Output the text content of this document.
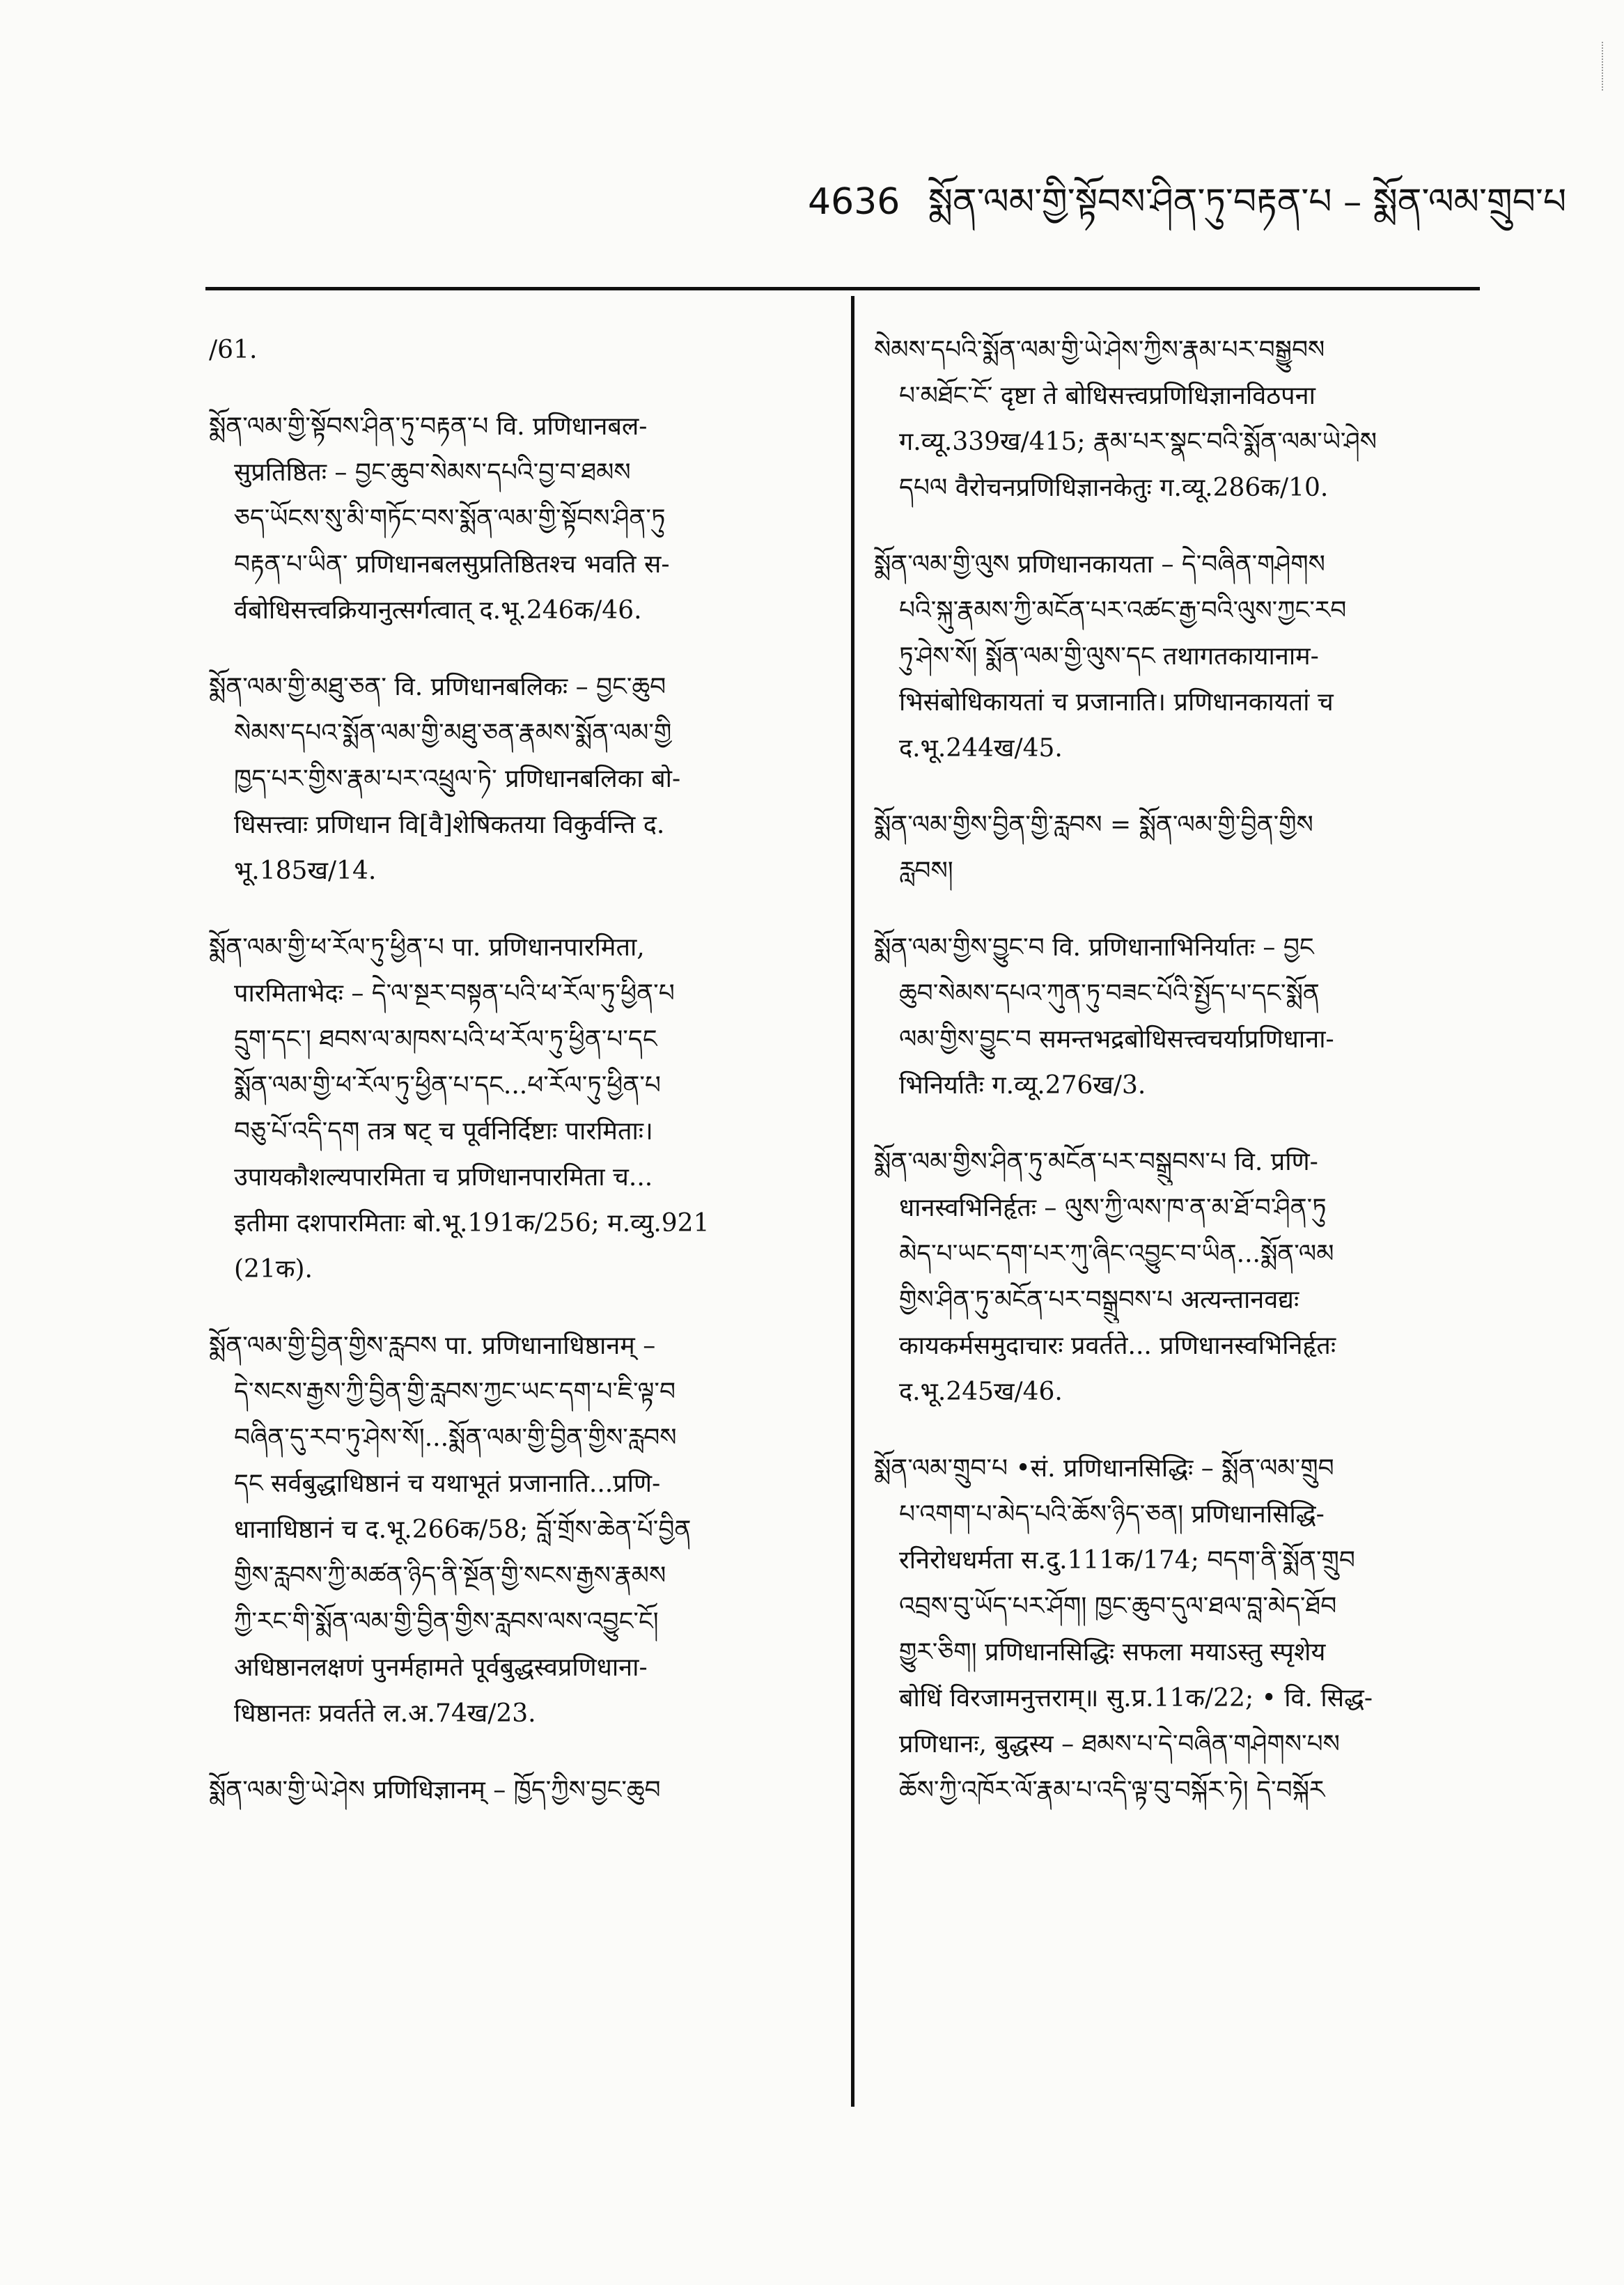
4636 སྨོན་ལམ་གྱི་སྟོབས་ཤིན་ཏུ་བརྟན་པ – སྨོན་ལམ་གྲུབ་པ
/61.
སྨོན་ལམ་གྱི་སྟོབས་ཤིན་ཏུ་བརྟན་པ वि. प्रणिधानबल-
सुप्रतिष्ठितः – བྱང་ཆུབ་སེམས་དཔའི་བྱ་བ་ཐམས
ཅད་ཡོངས་སུ་མི་གཏོང་བས་སྨོན་ལམ་གྱི་སྟོབས་ཤིན་ཏུ
བརྟན་པ་ཡིན་ प्रणिधानबलसुप्रतिष्ठितश्च भवति स-
र्वबोधिसत्त्वक्रियानुत्सर्गत्वात् द.भू.246क/46.
སྨོན་ལམ་གྱི་མཐུ་ཅན་ वि. प्रणिधानबलिकः – བྱང་ཆུབ
སེམས་དཔའ་སྨོན་ལམ་གྱི་མཐུ་ཅན་རྣམས་སྨོན་ལམ་གྱི
ཁྱད་པར་གྱིས་རྣམ་པར་འཕྲུལ་ཏེ་ प्रणिधानबलिका बो-
धिसत्त्वाः प्रणिधान वि[वै]शेषिकतया विकुर्वन्ति द.
भू.185ख/14.
སྨོན་ལམ་གྱི་ཕ་རོལ་ཏུ་ཕྱིན་པ पा. प्रणिधानपारमिता,
पारमिताभेदः – དེ་ལ་སྔར་བསྟན་པའི་ཕ་རོལ་ཏུ་ཕྱིན་པ
དྲུག་དང་། ཐབས་ལ་མཁས་པའི་ཕ་རོལ་ཏུ་ཕྱིན་པ་དང
སྨོན་ལམ་གྱི་ཕ་རོལ་ཏུ་ཕྱིན་པ་དང...ཕ་རོལ་ཏུ་ཕྱིན་པ
བཅུ་པོ་འདི་དག तत्र षट् च पूर्वनिर्दिष्टाः पारमिताः।
उपायकौशल्यपारमिता च प्रणिधानपारमिता च...
इतीमा दशपारमिताः बो.भू.191क/256; म.व्यु.921
(21क).
སྨོན་ལམ་གྱི་བྱིན་གྱིས་རླབས पा. प्रणिधानाधिष्ठानम् –
དེ་སངས་རྒྱས་ཀྱི་བྱིན་གྱི་རླབས་ཀྱང་ཡང་དག་པ་ཇི་ལྟ་བ
བཞིན་དུ་རབ་ཏུ་ཤེས་སོ།...སྨོན་ལམ་གྱི་བྱིན་གྱིས་རླབས
དང सर्वबुद्धाधिष्ठानं च यथाभूतं प्रजानाति...प्रणि-
धानाधिष्ठानं च द.भू.266क/58; བློ་གྲོས་ཆེན་པོ་བྱིན
གྱིས་རླབས་ཀྱི་མཚན་ཉིད་ནི་སྔོན་གྱི་སངས་རྒྱས་རྣམས
ཀྱི་རང་གི་སྨོན་ལམ་གྱི་བྱིན་གྱིས་རླབས་ལས་འབྱུང་ངོ།
अधिष्ठानलक्षणं पुनर्महामते पूर्वबुद्धस्वप्रणिधाना-
धिष्ठानतः प्रवर्तते ल.अ.74ख/23.
སྨོན་ལམ་གྱི་ཡེ་ཤེས प्रणिधिज्ञानम् – ཁྱོད་ཀྱིས་བྱང་ཆུབ
སེམས་དཔའི་སྨོན་ལམ་གྱི་ཡེ་ཤེས་ཀྱིས་རྣམ་པར་བསྒྱུབས
པ་མཐོང་ངོ་ दृष्टा ते बोधिसत्त्वप्रणिधिज्ञानविठपना
ग.व्यू.339ख/415; རྣམ་པར་སྣང་བའི་སྨོན་ལམ་ཡེ་ཤེས
དཔལ वैरोचनप्रणिधिज्ञानकेतुः ग.व्यू.286क/10.
སྨོན་ལམ་གྱི་ལུས प्रणिधानकायता – དེ་བཞིན་གཤེགས
པའི་སྐུ་རྣམས་ཀྱི་མངོན་པར་འཚང་རྒྱ་བའི་ལུས་ཀྱང་རབ
ཏུ་ཤེས་སོ། སྨོན་ལམ་གྱི་ལུས་དང तथागतकायानाम-
भिसंबोधिकायतां च प्रजानाति। प्रणिधानकायतां च
द.भू.244ख/45.
སྨོན་ལམ་གྱིས་བྱིན་གྱི་རླབས = སྨོན་ལམ་གྱི་བྱིན་གྱིས
རླབས།
སྨོན་ལམ་གྱིས་བྱུང་བ वि. प्रणिधानाभिनिर्यातः – བྱང
ཆུབ་སེམས་དཔའ་ཀུན་ཏུ་བཟང་པོའི་སྤྱོད་པ་དང་སྨོན
ལམ་གྱིས་བྱུང་བ समन्तभद्रबोधिसत्त्वचर्याप्रणिधाना-
भिनिर्यातैः ग.व्यू.276ख/3.
སྨོན་ལམ་གྱིས་ཤིན་ཏུ་མངོན་པར་བསྒྲུབས་པ वि. प्रणि-
धानस्वभिनिर्हृतः – ལུས་ཀྱི་ལས་ཁ་ན་མ་ཐོ་བ་ཤིན་ཏུ
མེད་པ་ཡང་དག་པར་ཀུ་ཞིང་འབྱུང་བ་ཡིན...སྨོན་ལམ
གྱིས་ཤིན་ཏུ་མངོན་པར་བསྒྲུབས་པ अत्यन्तानवद्यः
कायकर्मसमुदाचारः प्रवर्तते... प्रणिधानस्वभिनिर्हृतः
द.भू.245ख/46.
སྨོན་ལམ་གྲུབ་པ •सं. प्रणिधानसिद्धिः – སྨོན་ལམ་གྲུབ
པ་འགག་པ་མེད་པའི་ཆོས་ཉིད་ཅན། प्रणिधानसिद्धि-
रनिरोधधर्मता स.दु.111क/174; བདག་ནི་སྨོན་གྲུབ
འབྲས་བུ་ཡོད་པར་ཤོག། ཁྱང་ཆུབ་དུལ་ཐལ་བླ་མེད་ཐོབ
གྱུར་ཅིག། प्रणिधानसिद्धिः सफला मयाऽस्तु स्पृशेय
बोधिं विरजामनुत्तराम्॥ सु.प्र.11क/22; • वि. सिद्ध-
प्रणिधानः, बुद्धस्य – ཐམས་པ་དེ་བཞིན་གཤེགས་པས
ཆོས་ཀྱི་འཁོར་ལོ་རྣམ་པ་འདི་ལྟ་བུ་བསྐོར་ཏེ། དེ་བསྐོར
